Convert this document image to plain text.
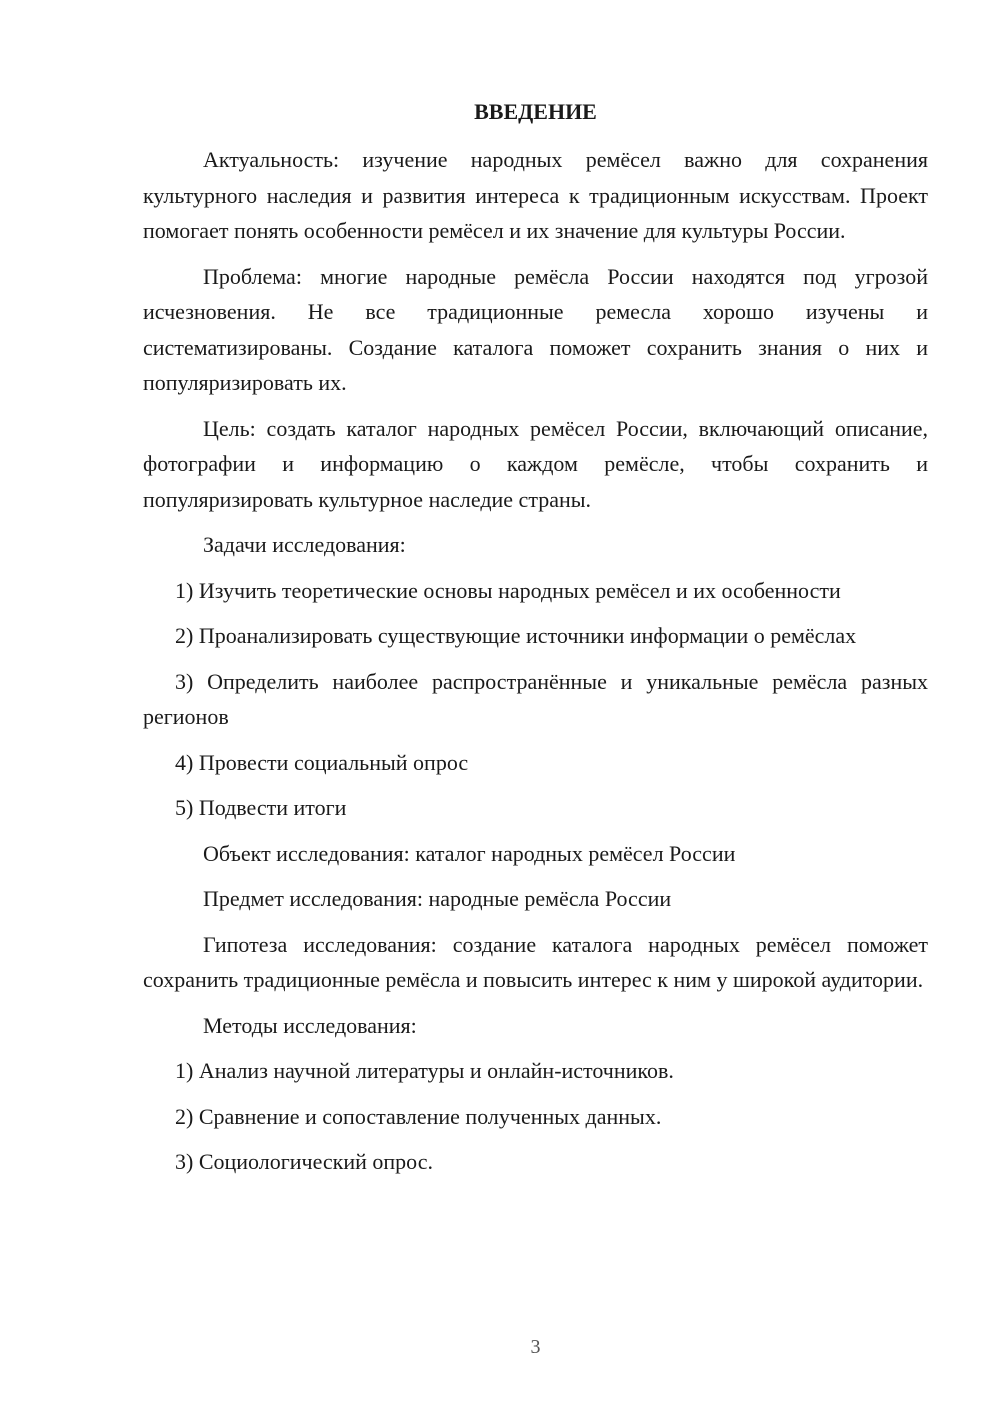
ВВЕДЕНИЕ

Актуальность: изучение народных ремёсел важно для сохранения культурного наследия и развития интереса к традиционным искусствам. Проект помогает понять особенности ремёсел и их значение для культуры России.

Проблема: многие народные ремёсла России находятся под угрозой исчезновения. Не все традиционные ремесла хорошо изучены и систематизированы. Создание каталога поможет сохранить знания о них и популяризировать их.

Цель: создать каталог народных ремёсел России, включающий описание, фотографии и информацию о каждом ремёсле, чтобы сохранить и популяризировать культурное наследие страны.

Задачи исследования:

1) Изучить теоретические основы народных ремёсел и их особенности

2) Проанализировать существующие источники информации о ремёслах

3) Определить наиболее распространённые и уникальные ремёсла разных регионов

4) Провести социальный опрос

5) Подвести итоги

Объект исследования: каталог народных ремёсел России

Предмет исследования: народные ремёсла России

Гипотеза исследования: создание каталога народных ремёсел поможет сохранить традиционные ремёсла и повысить интерес к ним у широкой аудитории.

Методы исследования:

1) Анализ научной литературы и онлайн-источников.

2) Сравнение и сопоставление полученных данных.

3) Социологический опрос.

3
